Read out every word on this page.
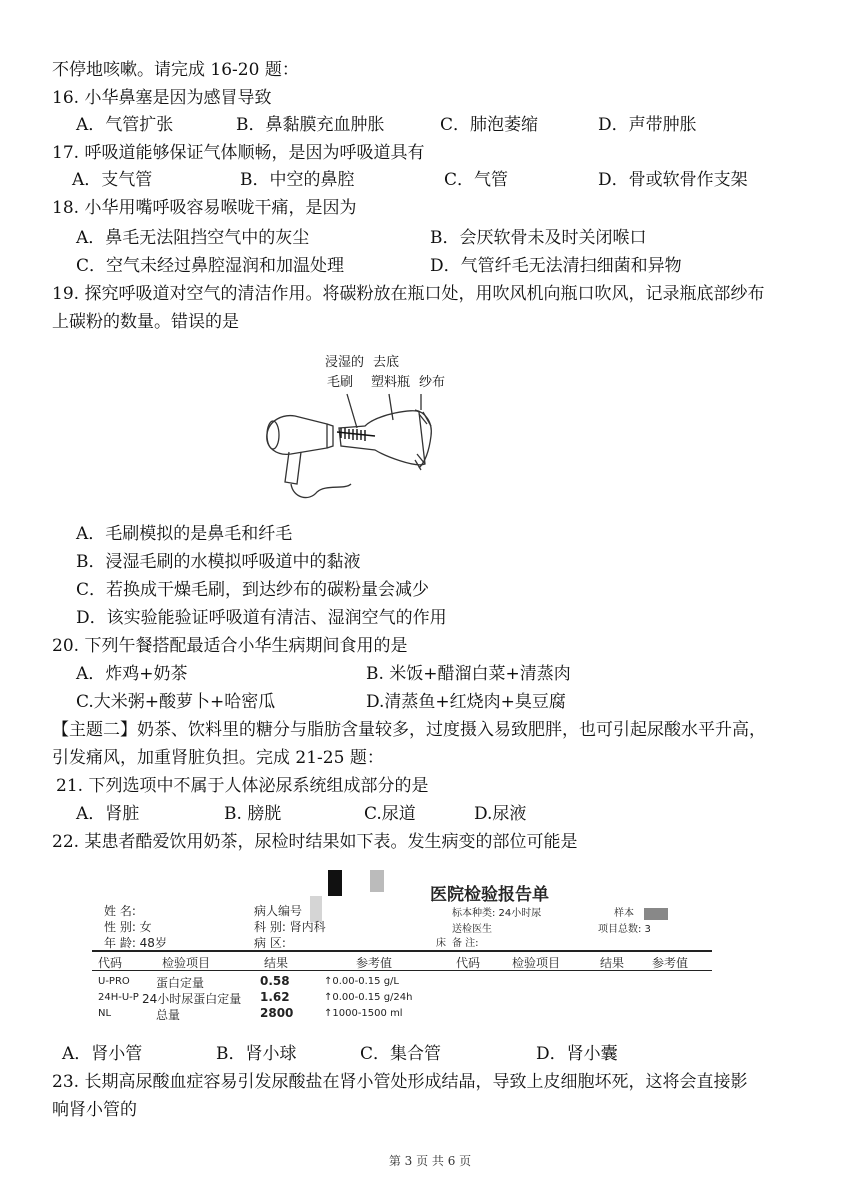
不停地咳嗽。请完成 16-20 题：
16. 小华鼻塞是因为感冒导致
A．气管扩张	B．鼻黏膜充血肿胀	C．肺泡萎缩	D．声带肿胀
17. 呼吸道能够保证气体顺畅，是因为呼吸道具有
A．支气管	B．中空的鼻腔	C．气管	D．骨或软骨作支架
18. 小华用嘴呼吸容易喉咙干痛，是因为
A．鼻毛无法阻挡空气中的灰尘	B．会厌软骨未及时关闭喉口
C．空气未经过鼻腔湿润和加温处理	D．气管纤毛无法清扫细菌和异物
19. 探究呼吸道对空气的清洁作用。将碳粉放在瓶口处，用吹风机向瓶口吹风，记录瓶底部纱布
上碳粉的数量。错误的是
浸湿的
毛刷
去底
塑料瓶 纱布
A．毛刷模拟的是鼻毛和纤毛
B．浸湿毛刷的水模拟呼吸道中的黏液
C．若换成干燥毛刷，到达纱布的碳粉量会减少
D．该实验能验证呼吸道有清洁、湿润空气的作用
20. 下列午餐搭配最适合小华生病期间食用的是
A．炸鸡+奶茶	B. 米饭+醋溜白菜+清蒸肉
C.大米粥+酸萝卜+哈密瓜	D.清蒸鱼+红烧肉+臭豆腐
【主题二】奶茶、饮料里的糖分与脂肪含量较多，过度摄入易致肥胖，也可引起尿酸水平升高，
引发痛风，加重肾脏负担。完成 21-25 题：
21. 下列选项中不属于人体泌尿系统组成部分的是
A．肾脏	B. 膀胱	C.尿道	D.尿液
22. 某患者酷爱饮用奶茶，尿检时结果如下表。发生病变的部位可能是
医院检验报告单
姓 名:
性 别: 女
年 龄: 48岁
病人编号
科 别: 肾内科
病 区:
标本种类: 24小时尿
送检医生
床 备 注:
样本
项目总数: 3
代码	检验项目	结果	参考值	代码	检验项目	结果 参考值
U-PRO 蛋白定量	0.58	↑0.00-0.15 g/L
24H-U-P 24小时尿蛋白定量 1.62	↑0.00-0.15 g/24h
NL	总量	2800	↑1000-1500 ml
A．肾小管	B．肾小球	C．集合管	D．肾小囊
23. 长期高尿酸血症容易引发尿酸盐在肾小管处形成结晶，导致上皮细胞坏死，这将会直接影
响肾小管的
第 3 页 共 6 页
